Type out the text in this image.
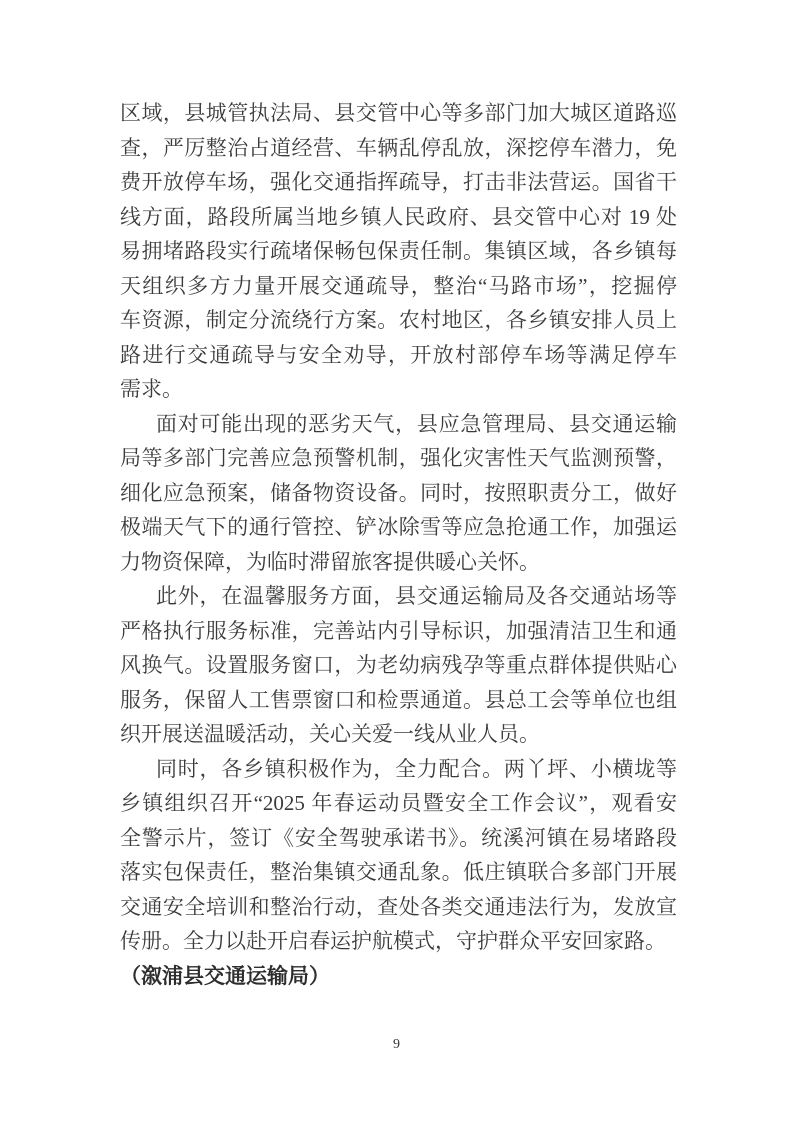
区域，县城管执法局、县交管中心等多部门加大城区道路巡
查，严厉整治占道经营、车辆乱停乱放，深挖停车潜力，免
费开放停车场，强化交通指挥疏导，打击非法营运。国省干
线方面，路段所属当地乡镇人民政府、县交管中心对 19 处
易拥堵路段实行疏堵保畅包保责任制。集镇区域，各乡镇每
天组织多方力量开展交通疏导，整治“马路市场”，挖掘停
车资源，制定分流绕行方案。农村地区，各乡镇安排人员上
路进行交通疏导与安全劝导，开放村部停车场等满足停车
需求。
面对可能出现的恶劣天气，县应急管理局、县交通运输
局等多部门完善应急预警机制，强化灾害性天气监测预警，
细化应急预案，储备物资设备。同时，按照职责分工，做好
极端天气下的通行管控、铲冰除雪等应急抢通工作，加强运
力物资保障，为临时滞留旅客提供暖心关怀。
此外，在温馨服务方面，县交通运输局及各交通站场等
严格执行服务标准，完善站内引导标识，加强清洁卫生和通
风换气。设置服务窗口，为老幼病残孕等重点群体提供贴心
服务，保留人工售票窗口和检票通道。县总工会等单位也组
织开展送温暖活动，关心关爱一线从业人员。
同时，各乡镇积极作为，全力配合。两丫坪、小横垅等
乡镇组织召开“2025 年春运动员暨安全工作会议”，观看安
全警示片，签订《安全驾驶承诺书》。统溪河镇在易堵路段
落实包保责任，整治集镇交通乱象。低庄镇联合多部门开展
交通安全培训和整治行动，查处各类交通违法行为，发放宣
传册。全力以赴开启春运护航模式，守护群众平安回家路。
（溆浦县交通运输局）
9
